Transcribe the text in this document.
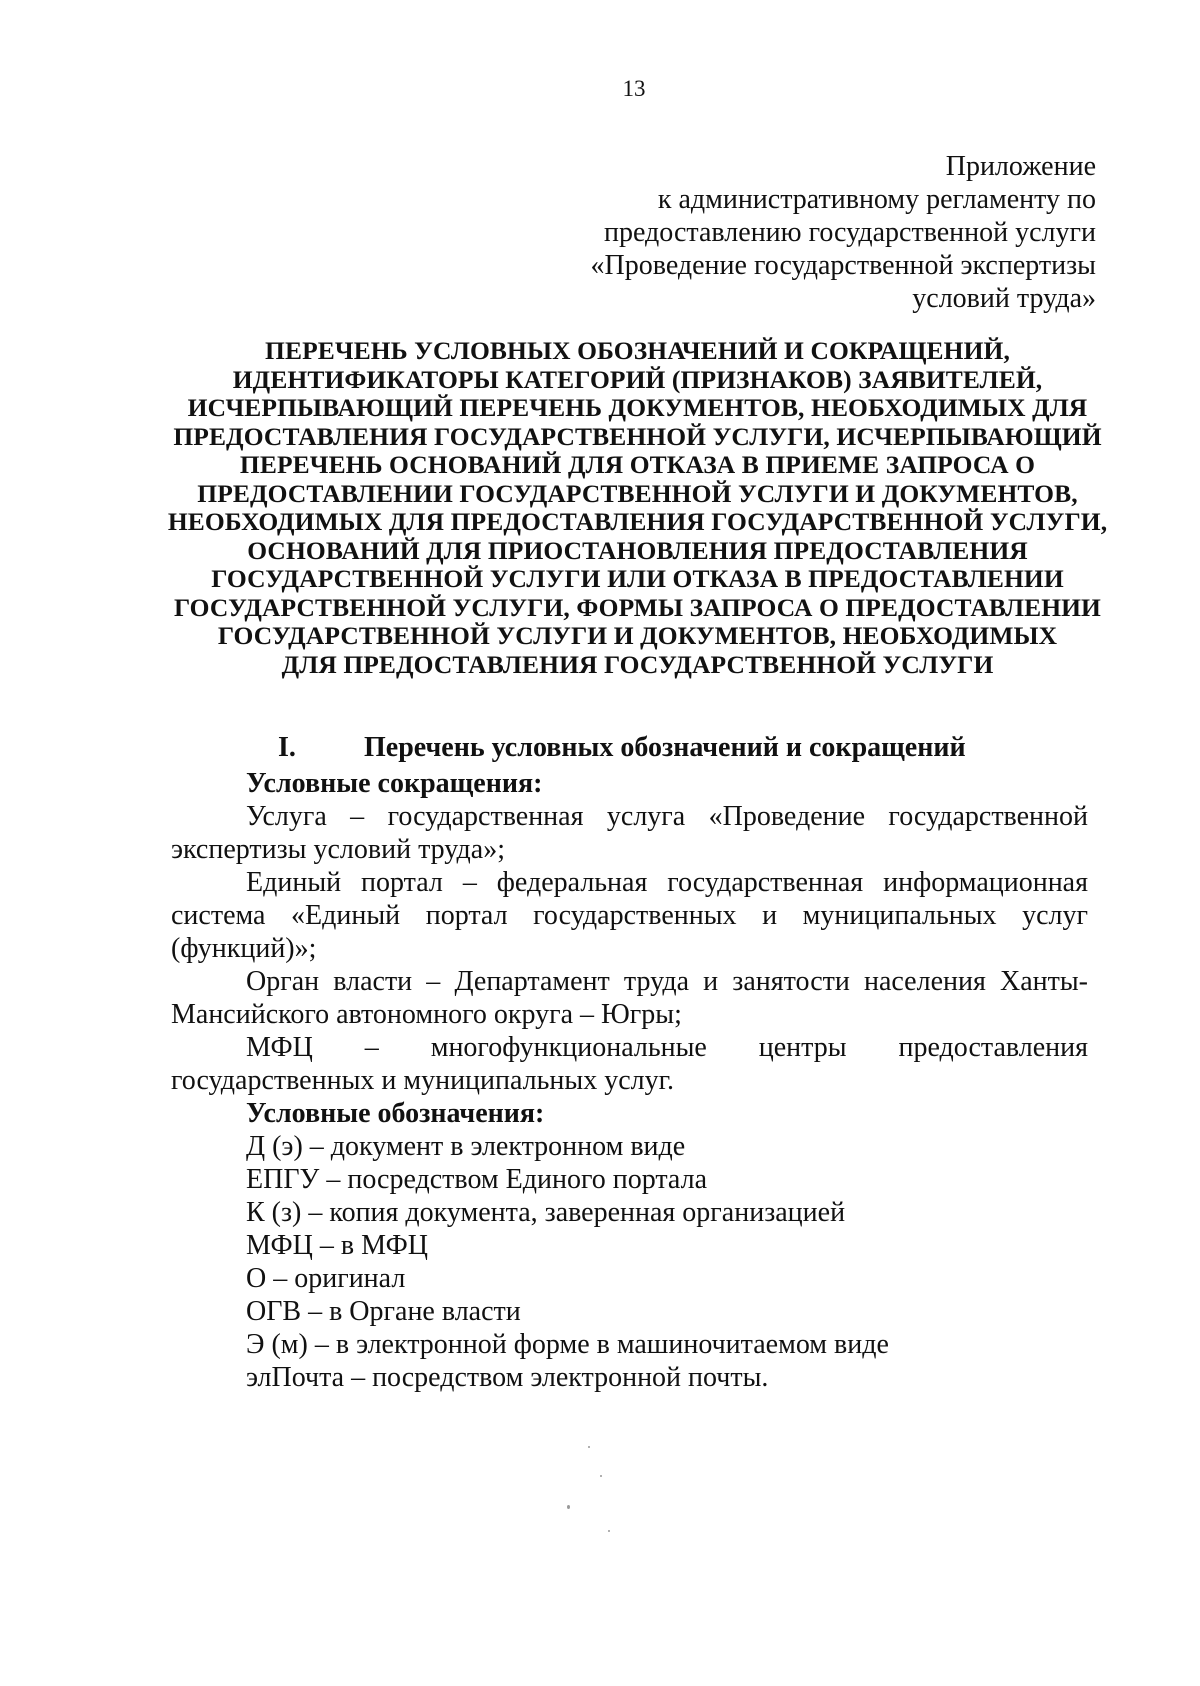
13
Приложение
к административному регламенту по
предоставлению государственной услуги
«Проведение государственной экспертизы
условий труда»
ПЕРЕЧЕНЬ УСЛОВНЫХ ОБОЗНАЧЕНИЙ И СОКРАЩЕНИЙ,
ИДЕНТИФИКАТОРЫ КАТЕГОРИЙ (ПРИЗНАКОВ) ЗАЯВИТЕЛЕЙ,
ИСЧЕРПЫВАЮЩИЙ ПЕРЕЧЕНЬ ДОКУМЕНТОВ, НЕОБХОДИМЫХ ДЛЯ
ПРЕДОСТАВЛЕНИЯ ГОСУДАРСТВЕННОЙ УСЛУГИ, ИСЧЕРПЫВАЮЩИЙ
ПЕРЕЧЕНЬ ОСНОВАНИЙ ДЛЯ ОТКАЗА В ПРИЕМЕ ЗАПРОСА О
ПРЕДОСТАВЛЕНИИ ГОСУДАРСТВЕННОЙ УСЛУГИ И ДОКУМЕНТОВ,
НЕОБХОДИМЫХ ДЛЯ ПРЕДОСТАВЛЕНИЯ ГОСУДАРСТВЕННОЙ УСЛУГИ,
ОСНОВАНИЙ ДЛЯ ПРИОСТАНОВЛЕНИЯ ПРЕДОСТАВЛЕНИЯ
ГОСУДАРСТВЕННОЙ УСЛУГИ ИЛИ ОТКАЗА В ПРЕДОСТАВЛЕНИИ
ГОСУДАРСТВЕННОЙ УСЛУГИ, ФОРМЫ ЗАПРОСА О ПРЕДОСТАВЛЕНИИ
ГОСУДАРСТВЕННОЙ УСЛУГИ И ДОКУМЕНТОВ, НЕОБХОДИМЫХ
ДЛЯ ПРЕДОСТАВЛЕНИЯ ГОСУДАРСТВЕННОЙ УСЛУГИ
I. Перечень условных обозначений и сокращений
Условные сокращения:
Услуга – государственная услуга «Проведение государственной экспертизы условий труда»;
Единый портал – федеральная государственная информационная система «Единый портал государственных и муниципальных услуг (функций)»;
Орган власти – Департамент труда и занятости населения Ханты-Мансийского автономного округа – Югры;
МФЦ – многофункциональные центры предоставления государственных и муниципальных услуг.
Условные обозначения:
Д (э) – документ в электронном виде
ЕПГУ – посредством Единого портала
К (з) – копия документа, заверенная организацией
МФЦ – в МФЦ
О – оригинал
ОГВ – в Органе власти
Э (м) – в электронной форме в машиночитаемом виде
элПочта – посредством электронной почты.
